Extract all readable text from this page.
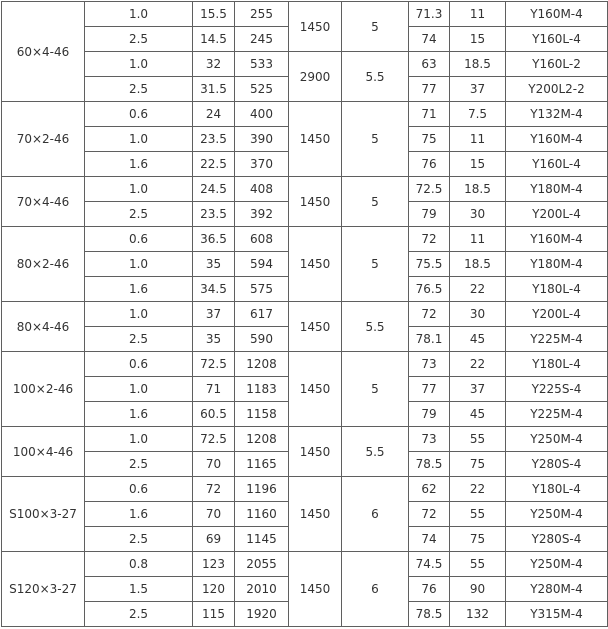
60×4-46	1.0	15.5	255	1450	5	71.3	11	Y160M-4
	2.5	14.5	245			74	15	Y160L-4
	1.0	32	533	2900	5.5	63	18.5	Y160L-2
	2.5	31.5	525			77	37	Y200L2-2
70×2-46	0.6	24	400	1450	5	71	7.5	Y132M-4
	1.0	23.5	390			75	11	Y160M-4
	1.6	22.5	370			76	15	Y160L-4
70×4-46	1.0	24.5	408	1450	5	72.5	18.5	Y180M-4
	2.5	23.5	392			79	30	Y200L-4
80×2-46	0.6	36.5	608	1450	5	72	11	Y160M-4
	1.0	35	594			75.5	18.5	Y180M-4
	1.6	34.5	575			76.5	22	Y180L-4
80×4-46	1.0	37	617	1450	5.5	72	30	Y200L-4
	2.5	35	590			78.1	45	Y225M-4
100×2-46	0.6	72.5	1208	1450	5	73	22	Y180L-4
	1.0	71	1183			77	37	Y225S-4
	1.6	60.5	1158			79	45	Y225M-4
100×4-46	1.0	72.5	1208	1450	5.5	73	55	Y250M-4
	2.5	70	1165			78.5	75	Y280S-4
S100×3-27	0.6	72	1196	1450	6	62	22	Y180L-4
	1.6	70	1160			72	55	Y250M-4
	2.5	69	1145			74	75	Y280S-4
S120×3-27	0.8	123	2055	1450	6	74.5	55	Y250M-4
	1.5	120	2010			76	90	Y280M-4
	2.5	115	1920			78.5	132	Y315M-4
